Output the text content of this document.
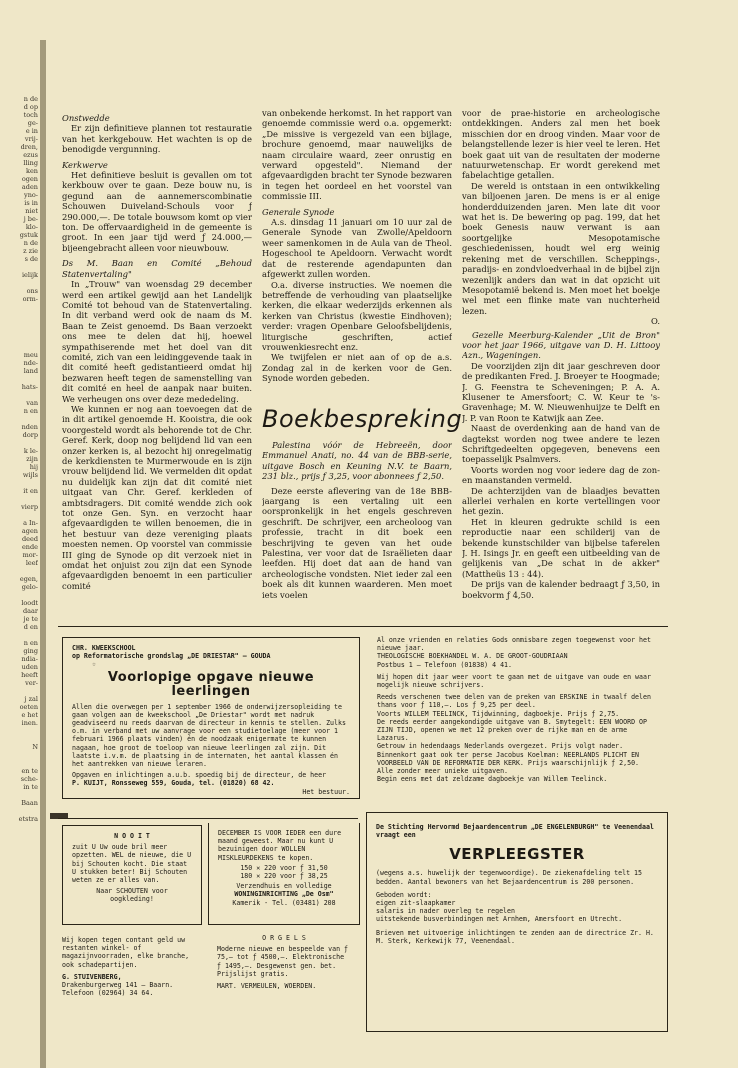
n de
d op
toch
ge-
e in
vrij-
dren,
ezus
lling
ken
ogen
aden
yno-
is in
niet
j be-
klo-
gstuk
n de
z zie
s de

ielijk

ons
orm-

meu
nde-
land

hats-

van
n en

nden
dorp

k le-
zijn
hij
wijls

it en

vierp

a In-
agen
deed
ende
mor-
leef

egen,
gelo-

loodt
daar
je te
d en

n en
ging
ndia-
uden
heeft
ver-

j zal
oeten
e het
inen.

N

en te
sche-
in te

Baan

etstra

Onstwedde

Er zijn definitieve plannen tot restauratie van het kerkgebouw. Het wachten is op de benodigde vergunning.

Kerkwerve

Het definitieve besluit is gevallen om tot kerkbouw over te gaan. Deze bouw nu, is gegund aan de aannemerscombinatie Schouwen Duiveland-Schouls voor ƒ 290.000,—. De totale bouwsom komt op vier ton. De offervaardigheid in de gemeente is groot. In een jaar tijd werd ƒ 24.000,— bijeengebracht alleen voor nieuwbouw.

Ds M. Baan en Comité „Behoud Statenvertaling"

In „Trouw" van woensdag 29 december werd een artikel gewijd aan het Landelijk Comité tot behoud van de Statenvertaling. In dit verband werd ook de naam ds M. Baan te Zeist genoemd. Ds Baan verzoekt ons mee te delen dat hij, hoewel sympathiserende met het doel van dit comité, zich van een leidinggevende taak in dit comité heeft gedistantieerd omdat hij bezwaren heeft tegen de samenstelling van dit comité en heel de aanpak naar buiten. We verheugen ons over deze mededeling.

We kunnen er nog aan toevoegen dat de in dit artikel genoemde H. Kooistra, die ook voorgesteld wordt als behorende tot de Chr. Geref. Kerk, dooр nog belijdend lid van een onzer kerken is, al bezocht hij onregelmatig de kerkdiensten te Murmerwoude en is zijn vrouw belijdend lid. We vermelden dit opdat nu duidelijk kan zijn dat dit comité niet uitgaat van Chr. Geref. kerkleden of ambtsdragers. Dit comité wendde zich ook tot onze Gen. Syn. en verzocht haar afgevaardigden te willen benoemen, die in het bestuur van deze vereniging plaats moesten nemen. Op voorstel van commissie III ging de Synode op dit verzoek niet in omdat het onjuist zou zijn dat een Synode afgevaardigden benoemt in een particulier comité

van onbekende herkomst. In het rapport van genoemde commissie werd o.a. opgemerkt: „De missive is vergezeld van een bijlage, brochure genoemd, maar nauwelijks de naam circulaire waard, zeer onrustig en verward opgesteld". Niemand der afgevaardigden bracht ter Synode bezwaren in tegen het oordeel en het voorstel van commissie III.

Generale Synode

A.s. dinsdag 11 januari om 10 uur zal de Generale Synode van Zwolle/Apeldoorn weer samenkomen in de Aula van de Theol. Hogeschool te Apeldoorn. Verwacht wordt dat de resterende agendapunten dan afgewerkt zullen worden.

O.a. diverse instructies. We noemen die betreffende de verhouding van plaatselijke kerken, die elkaar wederzijds erkennen als kerken van Christus (kwestie Eindhoven); verder: vragen Openbare Geloofsbelijdenis, liturgische geschriften, actief vrouwenkiesrecht enz.

We twijfelen er niet aan of op de a.s. Zondag zal in de kerken voor de Gen. Synode worden gebeden.

Boekbespreking

Palestina vóór de Hebreeën, door Emmanuel Anati, no. 44 van de BBB-serie, uitgave Bosch en Keuning N.V. te Baarn, 231 blz., prijs ƒ 3,25, voor abonnees ƒ 2,50.

Deze eerste aflevering van de 18e BBB-jaargang is een vertaling uit een oorspronkelijk in het engels geschreven geschrift. De schrijver, een archeoloog van professie, tracht in dit boek een beschrijving te geven van het oude Palestina, ver voor dat de Israëlieten daar leefden. Hij doet dat aan de hand van archeologische vondsten. Niet ieder zal een boek als dit kunnen waarderen. Men moet iets voelen

voor de prae-historie en archeologische ontdekkingen. Anders zal men het boek misschien dor en droog vinden. Maar voor de belangstellende lezer is hier veel te leren. Het boek gaat uit van de resultaten der moderne natuurwetenschap. Er wordt gerekend met fabelachtige getallen.

De wereld is ontstaan in een ontwikkeling van biljoenen jaren. De mens is er al enige honderdduizenden jaren. Men late dit voor wat het is. De bewering op pag. 199, dat het boek Genesis nauw verwant is aan soortgelijke Mesopotamische geschiedenissen, houdt wel erg weinig rekening met de verschillen. Scheppings-, paradijs- en zondvloedverhaal in de bijbel zijn wezenlijk anders dan wat in dat opzicht uit Mesopotamië bekend is. Men moet het boekje wel met een flinke mate van nuchterheid lezen.

O.

Gezelle Meerburg-Kalender „Uit de Bron" voor het jaar 1966, uitgave van D. H. Littooy Azn., Wageningen.

De voorzijden zijn dit jaar geschreven door de predikanten Fred. J. Broeyer te Hoogmade; J. G. Feenstra te Scheveningen; P. A. A. Klusener te Amersfoort; C. W. Keur te 's-Gravenhage; M. W. Nieuwenhuijze te Delft en J. P. van Roon te Katwijk aan Zee.

Naast de overdenking aan de hand van de dagtekst worden nog twee andere te lezen Schriftgedeelten opgegeven, benevens een toepasselijk Psalmvers.

Voorts worden nog voor iedere dag de zon- en maanstanden vermeld.

De achterzijden van de blaadjes bevatten allerlei verhalen en korte vertellingen voor het gezin.

Het in kleuren gedrukte schild is een reproductie naar een schilderij van de bekende kunstschilder van bijbelse taferelen J. H. Isings Jr. en geeft een uitbeelding van de gelijkenis van „De schat in de akker" (Mattheüs 13 : 44).

De prijs van de kalender bedraagt ƒ 3,50, in boekvorm ƒ 4,50.

CHR. KWEEKSCHOOL

op Reformatorische grondslag „DE DRIESTAR" — GOUDA

☆

Voorlopige opgave nieuwe leerlingen

Allen die overwegen per 1 september 1966 de onderwijzersopleiding te gaan volgen aan de kweekschool „De Driestar" wordt met nadruk geadviseerd nu reeds daarvan de directeur in kennis te stellen. Zulks o.m. in verband met uw aanvrage voor een studietoelage (meer voor 1 februari 1966 plaats vinden) én de noodzaak enigermate te kunnen nagaan, hoe groot de toeloop van nieuwe leerlingen zal zijn. Dit laatste i.v.m. de plaatsing in de internaten, het aantal klassen én het aantrekken van nieuwe leraren.

Opgaven en inlichtingen a.u.b. spoedig bij de directeur, de heer

P. KUIJT, Ronsseweg 559, Gouda, tel. (01820) 68 42.

Het bestuur.

Al onze vrienden en relaties Gods onmisbare zegen toegewenst voor het nieuwe jaar.

THEOLOGISCHE BOEKHANDEL W. A. DE GROOT-GOUDRIAAN

Postbus 1 — Telefoon (01838) 4 41.

Wij hopen dit jaar weer voort te gaan met de uitgave van oude en waar mogelijk nieuwe schrijvers.

Reeds verschenen twee delen van de preken van ERSKINE in twaalf delen thans voor ƒ 110,—. Los ƒ 9,25 per deel.

Voorts WILLEM TEELINCK, Tijdwinning, dagboekje. Prijs ƒ 2,75.

De reeds eerder aangekondigde uitgave van B. Smytegelt: EEN WOORD OP ZIJN TIJD, openen we met 12 preken over de rijke man en de arme Lazarus.

Getrouw in hedendaags Nederlands overgezet. Prijs volgt nader.

Binnenkort gaat ook ter perse Jacobus Koelman: NEERLANDS PLICHT EN VOORBEELD VAN DE REFORMATIE DER KERK. Prijs waarschijnlijk ƒ 2,50.

Alle zonder meer unieke uitgaven.

Begin eens met dat zeldzame dagboekje van Willem Teelinck.

N O O I T

zuit U Uw oude bril meer opzetten. WEL de nieuwe, die U bij Schouten kocht. Die staat U stukken beter! Bij Schouten weten ze er alles van.

Naar SCHOUTEN voor

oogkleding!

DECEMBER IS VOOR IEDER een dure maand geweest. Maar nu kunt U bezuinigen door WOLLEN MISKLEURDEKENS te kopen.

150 ✕ 220 voor ƒ 31,50

180 ✕ 220 voor ƒ 38,25

Verzendhuis en volledige

WONINGINRICHTING „De Osm"

Kamerik - Tel. (03481) 208

Wij kopen tegen contant geld uw restanten winkel- of magazijnvoorraden, elke branche, ook schadepartijen.

G. STUIVENBERG,

Drakenburgerweg 141 — Baarn.

Telefoon (02964) 34 64.

O R G E L S

Moderne nieuwe en bespeelde van ƒ 75,— tot ƒ 4500,—. Elektronische ƒ 1495,—. Desgewenst gen. bet. Prijslijst gratis.

MART. VERMEULEN, WOERDEN.

De Stichting Hervormd Bejaardencentrum „DE ENGELENBURGH" te Veenendaal vraagt een

VERPLEEGSTER

(wegens a.s. huwelijk der tegenwoordige). De ziekenafdeling telt 15 bedden. Aantal bewoners van het Bejaardencentrum is 200 personen.

Geboden wordt:

eigen zit-slaapkamer

salaris in nader overleg te regelen

uitstekende busverbindingen met Arnhem, Amersfoort en Utrecht.

Brieven met uitvoerige inlichtingen te zenden aan de directrice Zr. H. M. Sterk, Kerkewijk 77, Veenendaal.
